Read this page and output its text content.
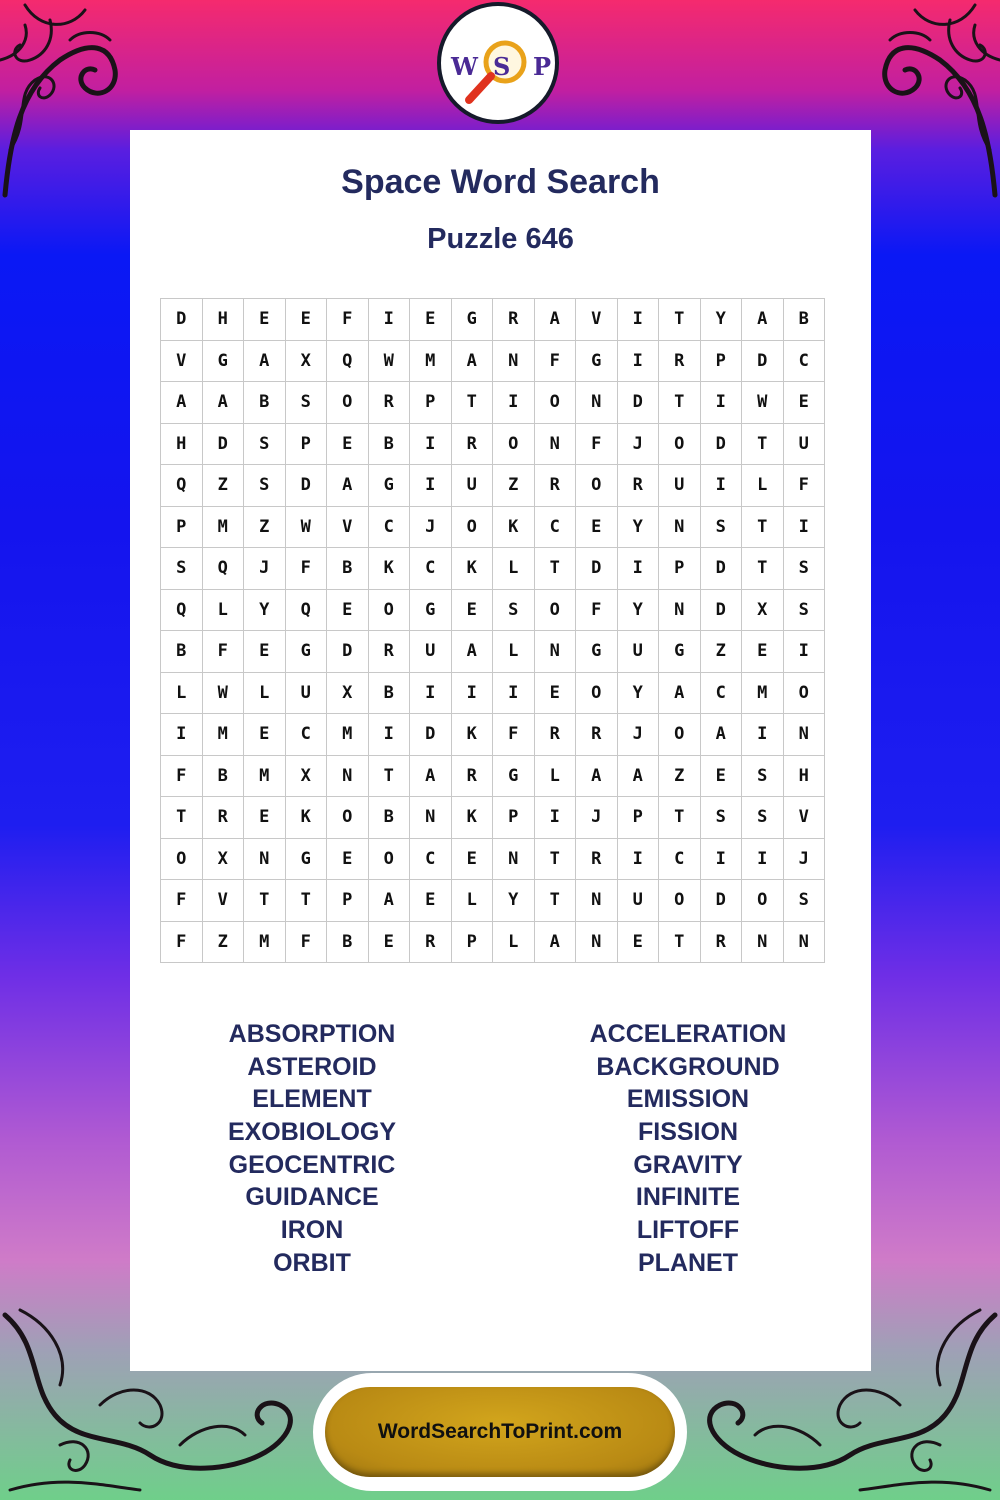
W S P
Space Word Search
Puzzle 646
D	H	E	E	F	I	E	G	R	A	V	I	T	Y	A	B
V	G	A	X	Q	W	M	A	N	F	G	I	R	P	D	C
A	A	B	S	O	R	P	T	I	O	N	D	T	I	W	E
H	D	S	P	E	B	I	R	O	N	F	J	O	D	T	U
Q	Z	S	D	A	G	I	U	Z	R	O	R	U	I	L	F
P	M	Z	W	V	C	J	O	K	C	E	Y	N	S	T	I
S	Q	J	F	B	K	C	K	L	T	D	I	P	D	T	S
Q	L	Y	Q	E	O	G	E	S	O	F	Y	N	D	X	S
B	F	E	G	D	R	U	A	L	N	G	U	G	Z	E	I
L	W	L	U	X	B	I	I	I	E	O	Y	A	C	M	O
I	M	E	C	M	I	D	K	F	R	R	J	O	A	I	N
F	B	M	X	N	T	A	R	G	L	A	A	Z	E	S	H
T	R	E	K	O	B	N	K	P	I	J	P	T	S	S	V
O	X	N	G	E	O	C	E	N	T	R	I	C	I	I	J
F	V	T	T	P	A	E	L	Y	T	N	U	O	D	O	S
F	Z	M	F	B	E	R	P	L	A	N	E	T	R	N	N
ABSORPTION
ASTEROID
ELEMENT
EXOBIOLOGY
GEOCENTRIC
GUIDANCE
IRON
ORBIT
ACCELERATION
BACKGROUND
EMISSION
FISSION
GRAVITY
INFINITE
LIFTOFF
PLANET
WordSearchToPrint.com
